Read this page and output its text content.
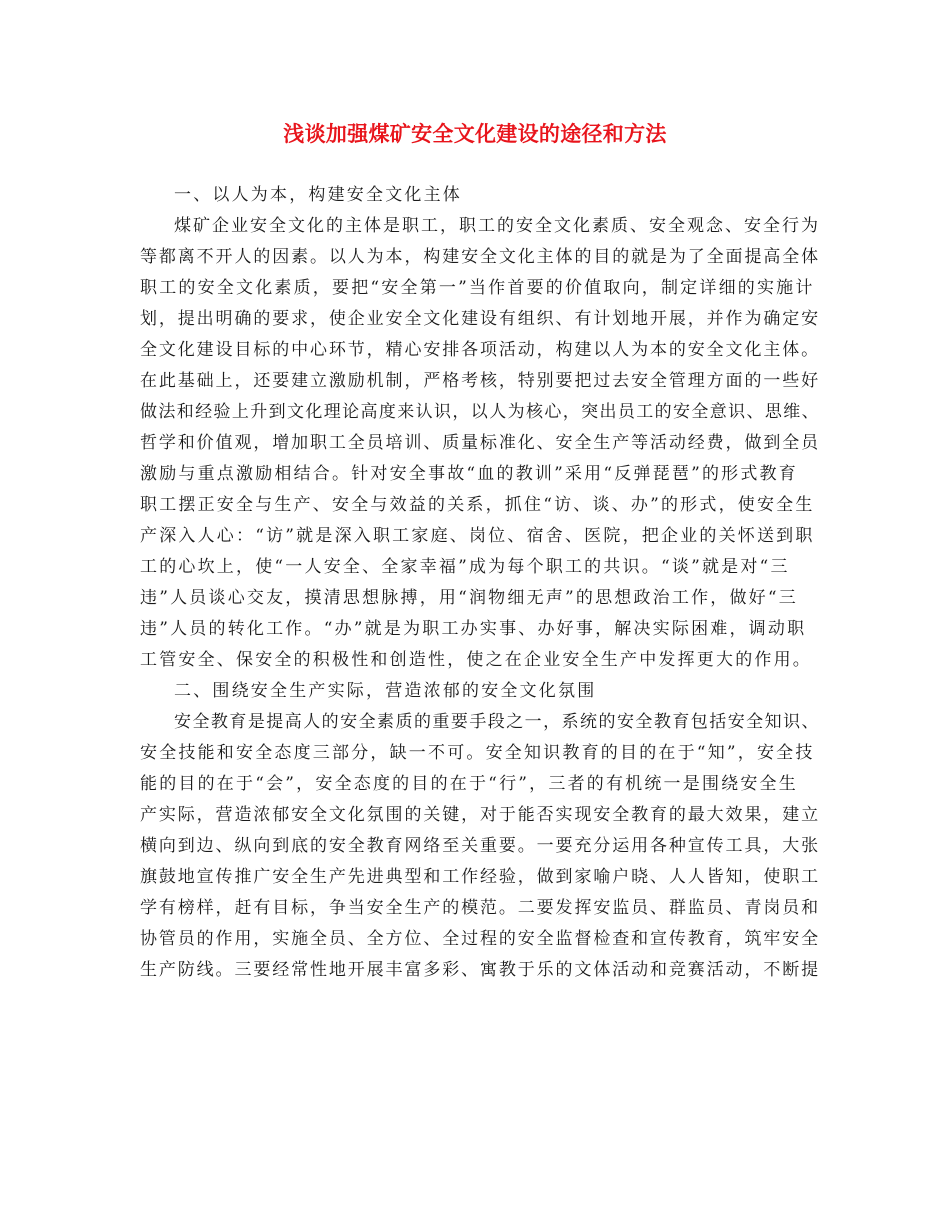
浅谈加强煤矿安全文化建设的途径和方法
一、以人为本，构建安全文化主体
煤矿企业安全文化的主体是职工，职工的安全文化素质、安全观念、安全行为
等都离不开人的因素。以人为本，构建安全文化主体的目的就是为了全面提高全体
职工的安全文化素质，要把“安全第一”当作首要的价值取向，制定详细的实施计
划，提出明确的要求，使企业安全文化建设有组织、有计划地开展，并作为确定安
全文化建设目标的中心环节，精心安排各项活动，构建以人为本的安全文化主体。
在此基础上，还要建立激励机制，严格考核，特别要把过去安全管理方面的一些好
做法和经验上升到文化理论高度来认识，以人为核心，突出员工的安全意识、思维、
哲学和价值观，增加职工全员培训、质量标准化、安全生产等活动经费，做到全员
激励与重点激励相结合。针对安全事故“血的教训”采用“反弹琵琶”的形式教育
职工摆正安全与生产、安全与效益的关系，抓住“访、谈、办”的形式，使安全生
产深入人心：“访”就是深入职工家庭、岗位、宿舍、医院，把企业的关怀送到职
工的心坎上，使“一人安全、全家幸福”成为每个职工的共识。“谈”就是对“三
违”人员谈心交友，摸清思想脉搏，用“润物细无声”的思想政治工作，做好“三
违”人员的转化工作。“办”就是为职工办实事、办好事，解决实际困难，调动职
工管安全、保安全的积极性和创造性，使之在企业安全生产中发挥更大的作用。
二、围绕安全生产实际，营造浓郁的安全文化氛围
安全教育是提高人的安全素质的重要手段之一，系统的安全教育包括安全知识、
安全技能和安全态度三部分，缺一不可。安全知识教育的目的在于“知”，安全技
能的目的在于“会”，安全态度的目的在于“行”，三者的有机统一是围绕安全生
产实际，营造浓郁安全文化氛围的关键，对于能否实现安全教育的最大效果，建立
横向到边、纵向到底的安全教育网络至关重要。一要充分运用各种宣传工具，大张
旗鼓地宣传推广安全生产先进典型和工作经验，做到家喻户晓、人人皆知，使职工
学有榜样，赶有目标，争当安全生产的模范。二要发挥安监员、群监员、青岗员和
协管员的作用，实施全员、全方位、全过程的安全监督检查和宣传教育，筑牢安全
生产防线。三要经常性地开展丰富多彩、寓教于乐的文体活动和竞赛活动，不断提
